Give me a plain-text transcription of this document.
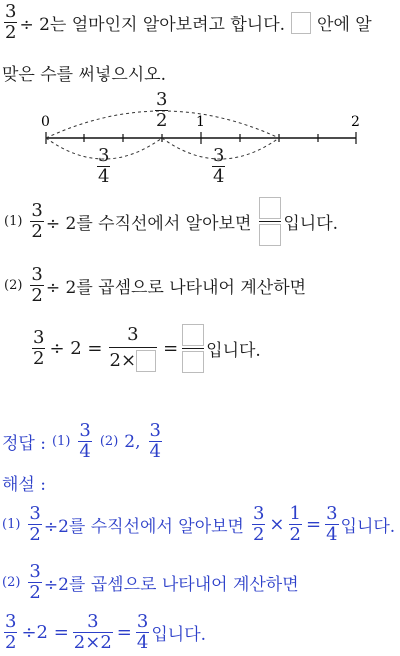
$\frac{3}{2} \div 2$는 얼마인지 알아보려고 합니다. 안에 알
맞은 수를 써넣으시오.
0	1	2
$\frac{3}{2}$
$\frac{3}{4}$	$\frac{3}{4}$
$(1) \frac{3}{2} \div 2$를 수직선에서 알아보면 입니다.
$(2) \frac{3}{2} \div 2$를 곱셈으로 나타내어 계산하면
$\frac{3}{2} \div 2 = \frac{3}{2\times}$ = 입니다.
정답 : $(1) \frac{3}{4} (2)$ 2, $\frac{3}{4}$
해설 :
$(1) \frac{3}{2} \div 2$를 수직선에서 알아보면 $\frac{3}{2} \times \frac{1}{2} = \frac{3}{4}$ 입니다.
$(2) \frac{3}{2} \div 2$를 곱셈으로 나타내어 계산하면
$\frac{3}{2} \div 2 = \frac{3}{2\times 2} = \frac{3}{4}$ 입니다.
